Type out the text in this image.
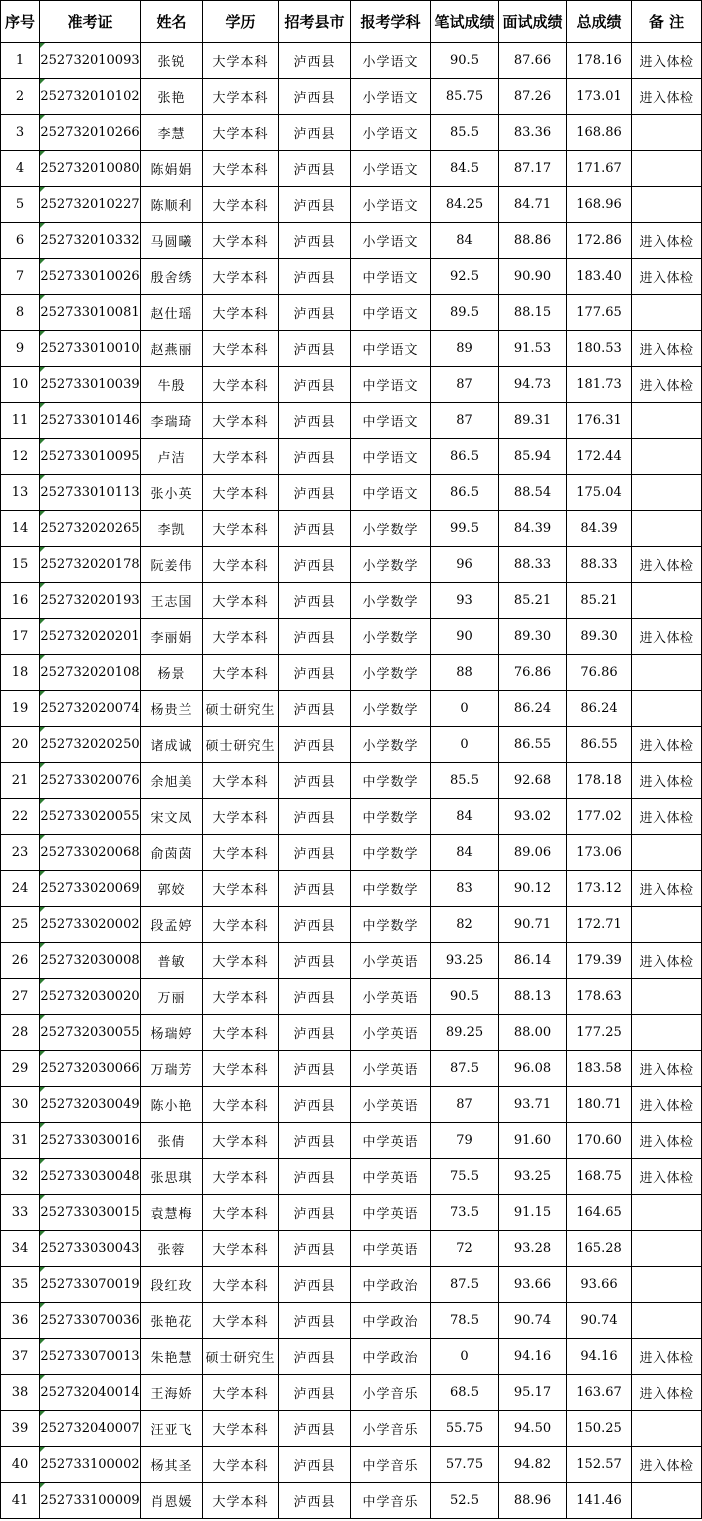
序号	准考证	姓名	学历	招考县市	报考学科	笔试成绩	面试成绩	总成绩	备 注
1	252732010093	张锐	大学本科	泸西县	小学语文	90.5	87.66	178.16	进入体检
2	252732010102	张艳	大学本科	泸西县	小学语文	85.75	87.26	173.01	进入体检
3	252732010266	李慧	大学本科	泸西县	小学语文	85.5	83.36	168.86	
4	252732010080	陈娟娟	大学本科	泸西县	小学语文	84.5	87.17	171.67	
5	252732010227	陈顺利	大学本科	泸西县	小学语文	84.25	84.71	168.96	
6	252732010332	马圆曦	大学本科	泸西县	小学语文	84	88.86	172.86	进入体检
7	252733010026	殷舍绣	大学本科	泸西县	中学语文	92.5	90.90	183.40	进入体检
8	252733010081	赵仕瑶	大学本科	泸西县	中学语文	89.5	88.15	177.65	
9	252733010010	赵燕丽	大学本科	泸西县	中学语文	89	91.53	180.53	进入体检
10	252733010039	牛殷	大学本科	泸西县	中学语文	87	94.73	181.73	进入体检
11	252733010146	李瑞琦	大学本科	泸西县	中学语文	87	89.31	176.31	
12	252733010095	卢洁	大学本科	泸西县	中学语文	86.5	85.94	172.44	
13	252733010113	张小英	大学本科	泸西县	中学语文	86.5	88.54	175.04	
14	252732020265	李凯	大学本科	泸西县	小学数学	99.5	84.39	84.39	
15	252732020178	阮姜伟	大学本科	泸西县	小学数学	96	88.33	88.33	进入体检
16	252732020193	王志国	大学本科	泸西县	小学数学	93	85.21	85.21	
17	252732020201	李丽娟	大学本科	泸西县	小学数学	90	89.30	89.30	进入体检
18	252732020108	杨景	大学本科	泸西县	小学数学	88	76.86	76.86	
19	252732020074	杨贵兰	硕士研究生	泸西县	小学数学	0	86.24	86.24	
20	252732020250	诸成诚	硕士研究生	泸西县	小学数学	0	86.55	86.55	进入体检
21	252733020076	余旭美	大学本科	泸西县	中学数学	85.5	92.68	178.18	进入体检
22	252733020055	宋文凤	大学本科	泸西县	中学数学	84	93.02	177.02	进入体检
23	252733020068	俞茵茵	大学本科	泸西县	中学数学	84	89.06	173.06	
24	252733020069	郭姣	大学本科	泸西县	中学数学	83	90.12	173.12	进入体检
25	252733020002	段孟婷	大学本科	泸西县	中学数学	82	90.71	172.71	
26	252732030008	普敏	大学本科	泸西县	小学英语	93.25	86.14	179.39	进入体检
27	252732030020	万丽	大学本科	泸西县	小学英语	90.5	88.13	178.63	
28	252732030055	杨瑞婷	大学本科	泸西县	小学英语	89.25	88.00	177.25	
29	252732030066	万瑞芳	大学本科	泸西县	小学英语	87.5	96.08	183.58	进入体检
30	252732030049	陈小艳	大学本科	泸西县	小学英语	87	93.71	180.71	进入体检
31	252733030016	张倩	大学本科	泸西县	中学英语	79	91.60	170.60	进入体检
32	252733030048	张思琪	大学本科	泸西县	中学英语	75.5	93.25	168.75	进入体检
33	252733030015	袁慧梅	大学本科	泸西县	中学英语	73.5	91.15	164.65	
34	252733030043	张蓉	大学本科	泸西县	中学英语	72	93.28	165.28	
35	252733070019	段红玫	大学本科	泸西县	中学政治	87.5	93.66	93.66	
36	252733070036	张艳花	大学本科	泸西县	中学政治	78.5	90.74	90.74	
37	252733070013	朱艳慧	硕士研究生	泸西县	中学政治	0	94.16	94.16	进入体检
38	252732040014	王海娇	大学本科	泸西县	小学音乐	68.5	95.17	163.67	进入体检
39	252732040007	汪亚飞	大学本科	泸西县	小学音乐	55.75	94.50	150.25	
40	252733100002	杨其圣	大学本科	泸西县	中学音乐	57.75	94.82	152.57	进入体检
41	252733100009	肖恩媛	大学本科	泸西县	中学音乐	52.5	88.96	141.46	
